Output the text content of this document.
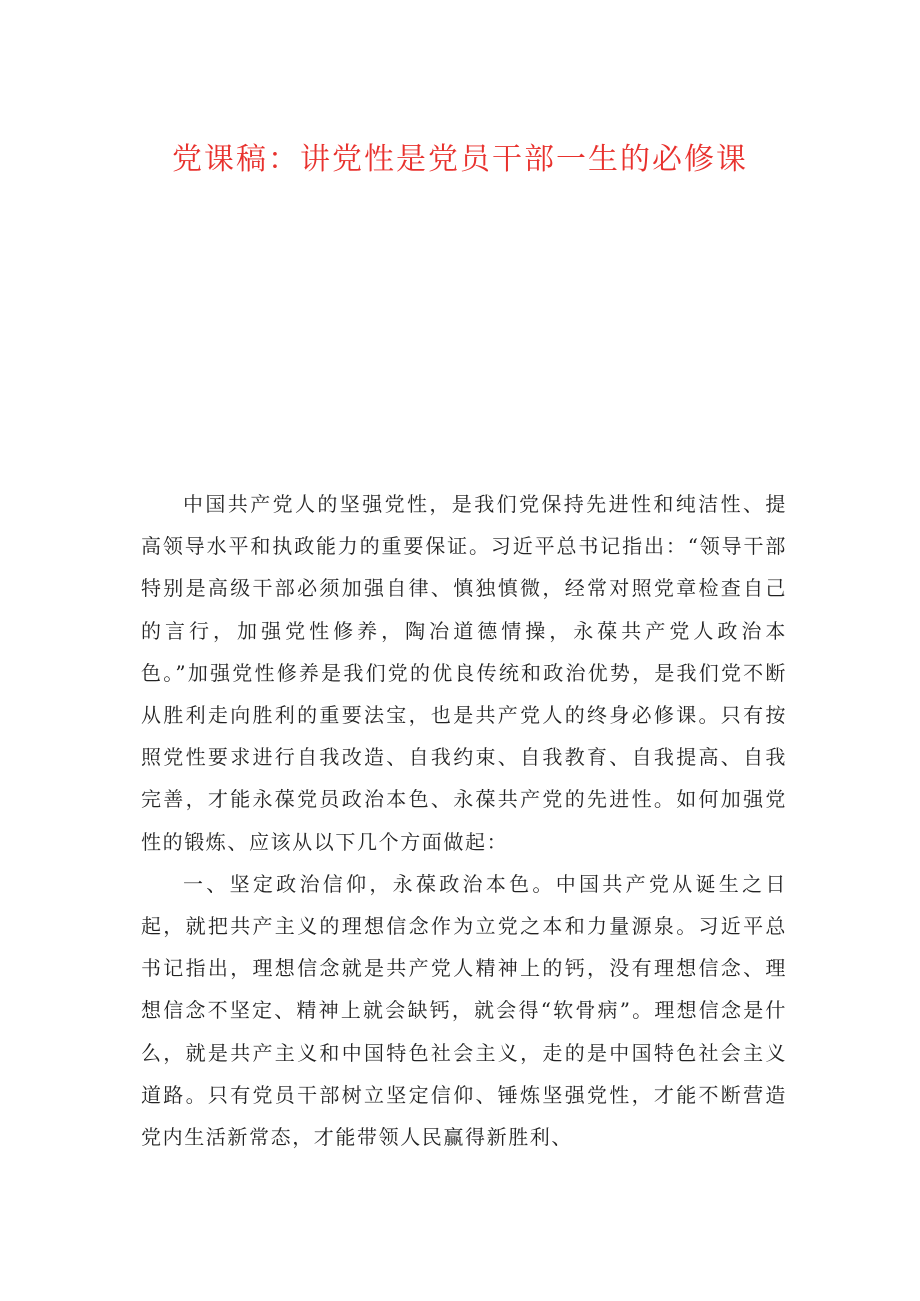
党课稿：讲党性是党员干部一生的必修课

中国共产党人的坚强党性，是我们党保持先进性和纯洁性、提高领导水平和执政能力的重要保证。习近平总书记指出：“领导干部特别是高级干部必须加强自律、慎独慎微，经常对照党章检查自己的言行，加强党性修养，陶冶道德情操，永葆共产党人政治本色。”加强党性修养是我们党的优良传统和政治优势，是我们党不断从胜利走向胜利的重要法宝，也是共产党人的终身必修课。只有按照党性要求进行自我改造、自我约束、自我教育、自我提高、自我完善，才能永葆党员政治本色、永葆共产党的先进性。如何加强党性的锻炼、应该从以下几个方面做起：

一、坚定政治信仰，永葆政治本色。中国共产党从诞生之日起，就把共产主义的理想信念作为立党之本和力量源泉。习近平总书记指出，理想信念就是共产党人精神上的钙，没有理想信念、理想信念不坚定、精神上就会缺钙，就会得“软骨病”。理想信念是什么，就是共产主义和中国特色社会主义，走的是中国特色社会主义道路。只有党员干部树立坚定信仰、锤炼坚强党性，才能不断营造党内生活新常态，才能带领人民赢得新胜利、
